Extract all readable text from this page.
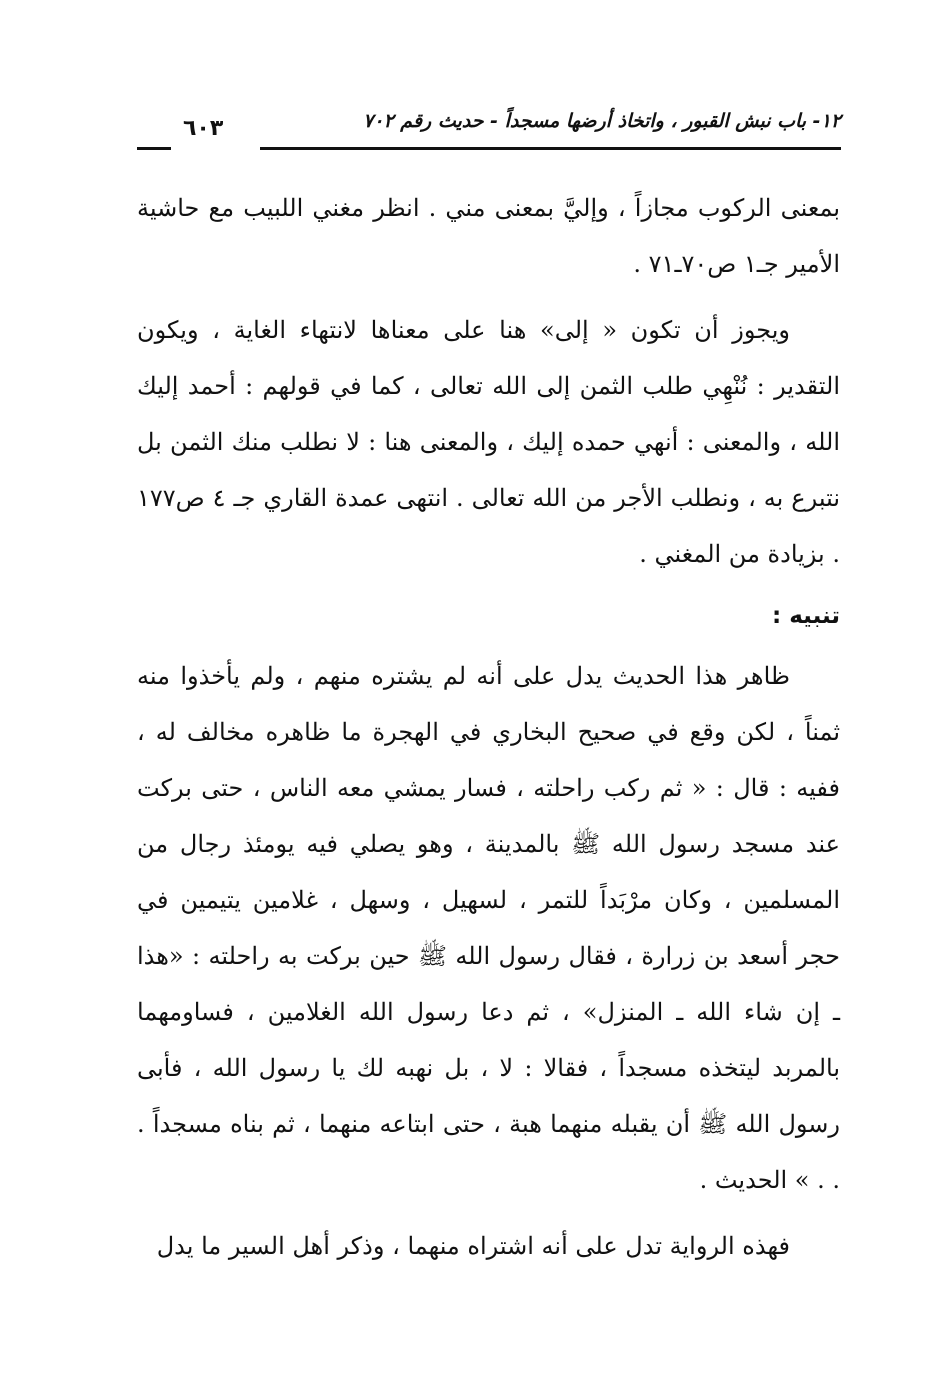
١٢- باب نبش القبور ، واتخاذ أرضها مسجداً - حديث رقم ٧٠٢
٦٠٣

بمعنى الركوب مجازاً ، وإليَّ بمعنى مني . انظر مغني اللبيب مع حاشية الأمير جـ١ ص٧٠ـ٧١ .

ويجوز أن تكون « إلى» هنا على معناها لانتهاء الغاية ، ويكون التقدير : نُنْهِي طلب الثمن إلى الله تعالى ، كما في قولهم : أحمد إليك الله ، والمعنى : أنهي حمده إليك ، والمعنى هنا : لا نطلب منك الثمن بل نتبرع به ، ونطلب الأجر من الله تعالى . انتهى عمدة القاري جـ ٤ ص١٧٧ . بزيادة من المغني .

تنبيه :

ظاهر هذا الحديث يدل على أنه لم يشتره منهم ، ولم يأخذوا منه ثمناً ، لكن وقع في صحيح البخاري في الهجرة ما ظاهره مخالف له ، ففيه : قال : « ثم ركب راحلته ، فسار يمشي معه الناس ، حتى بركت عند مسجد رسول الله ﷺ بالمدينة ، وهو يصلي فيه يومئذ رجال من المسلمين ، وكان مرْبَداً للتمر ، لسهيل ، وسهل ، غلامين يتيمين في حجر أسعد بن زرارة ، فقال رسول الله ﷺ حين بركت به راحلته : «هذا ـ إن شاء الله ـ المنزل» ، ثم دعا رسول الله الغلامين ، فساومهما بالمربد ليتخذه مسجداً ، فقالا : لا ، بل نهبه لك يا رسول الله ، فأبى رسول الله ﷺ أن يقبله منهما هبة ، حتى ابتاعه منهما ، ثم بناه مسجداً . . . » الحديث .

فهذه الرواية تدل على أنه اشتراه منهما ، وذكر أهل السير ما يدل
